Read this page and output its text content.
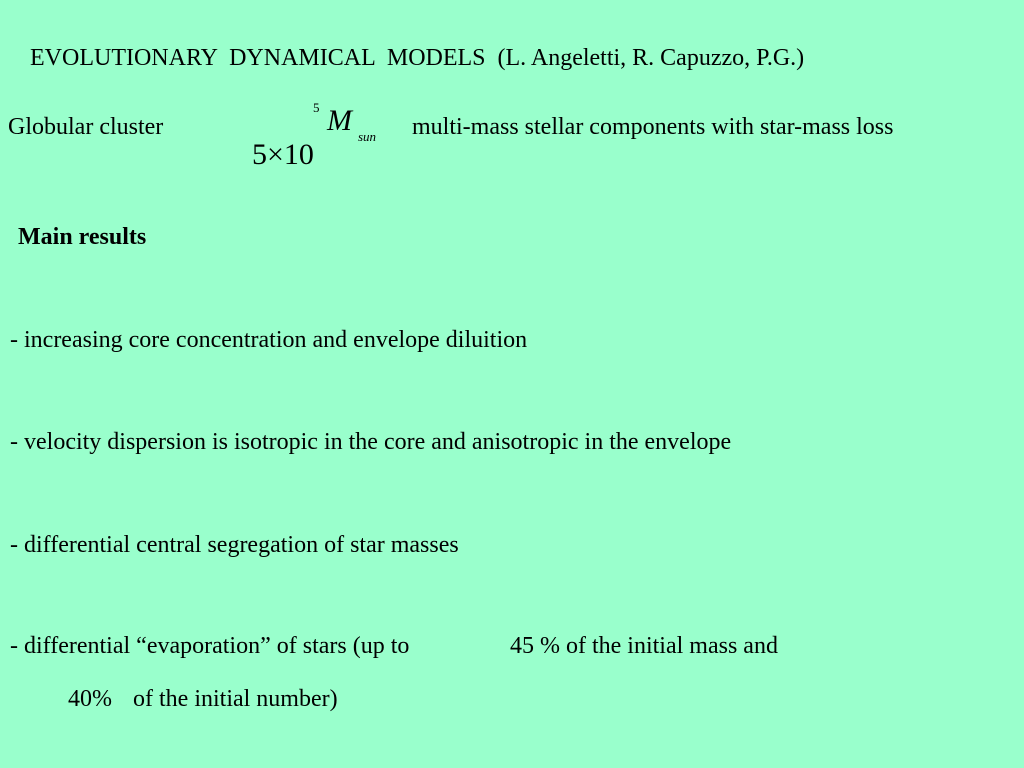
EVOLUTIONARY  DYNAMICAL  MODELS  (L. Angeletti, R. Capuzzo, P.G.)
Globular cluster

5×10

5

M

sun multi-mass stellar components with star-mass loss
Main results
- increasing core concentration and envelope diluition
- velocity dispersion is isotropic in the core and anisotropic in the envelope
- differential central segregation of star masses
- differential “evaporation” of stars (up to	45 % of the initial mass and
40% of the initial number)
